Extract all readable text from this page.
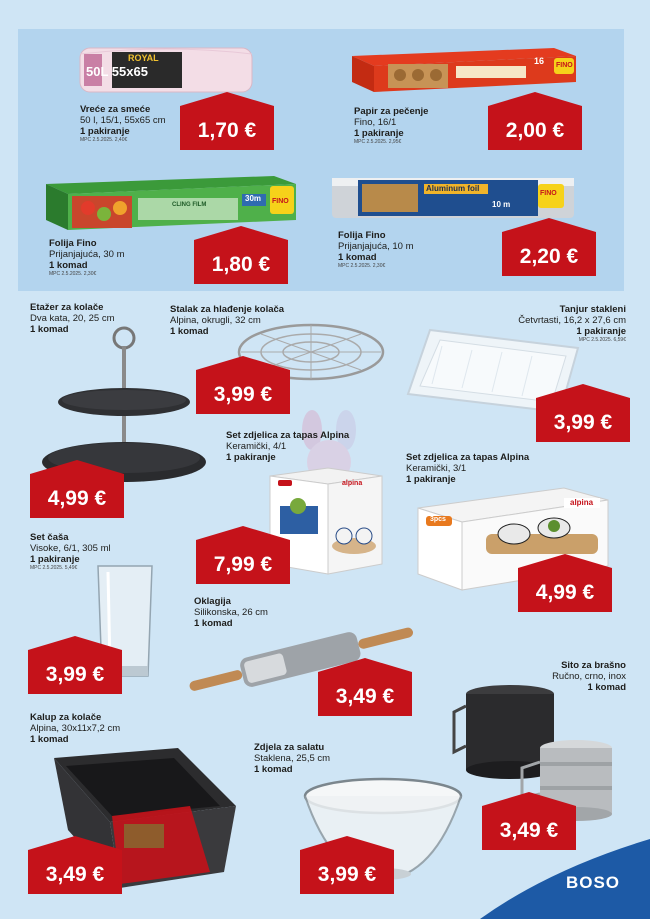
ROYAL
50L 55x65
Vreće za smeće
50 l, 15/1, 55x65 cm
1 pakiranje
MPC 2.5.2025. 2,40€	1,70 €
16 FINO
Papir za pečenje
Fino, 16/1
1 pakiranje
MPC 2.5.2025. 2,95€	2,00 €
CLING FILM
30m FINO
Folija Fino
Prijanjajuća, 30 m
1 komad
MPC 2.5.2025. 2,30€	1,80 €
Aluminum foil
10 m
FINO
Folija Fino
Prijanjajuća, 10 m
1 komad
MPC 2.5.2025. 2,30€	2,20 €
Etažer za kolače
Dva kata, 20, 25 cm
1 komad
4,99 €
Stalak za hlađenje kolača
Alpina, okrugli, 32 cm
1 komad
3,99 €
Tanjur stakleni
Četvrtasti, 16,2 x 27,6 cm
1 pakiranje
MPC 2.5.2025. 6,59€
3,99 €
Set zdjelica za tapas Alpina
Keramički, 4/1
1 pakiranje
alpina
7,99 €
Set zdjelica za tapas Alpina
Keramički, 3/1
1 pakiranje
3pcs
alpina
4,99 €
Set čaša
Visoke, 6/1, 305 ml
1 pakiranje
MPC 2.5.2025. 5,49€
3,99 €
Oklagija
Silikonska, 26 cm
1 komad
3,49 €
Sito za brašno
Ručno, crno, inox
1 komad
3,49 €
Kalup za kolače
Alpina, 30x11x7,2 cm
1 komad
3,49 €
Zdjela za salatu
Staklena, 25,5 cm
1 komad
3,99 €	BOSO
